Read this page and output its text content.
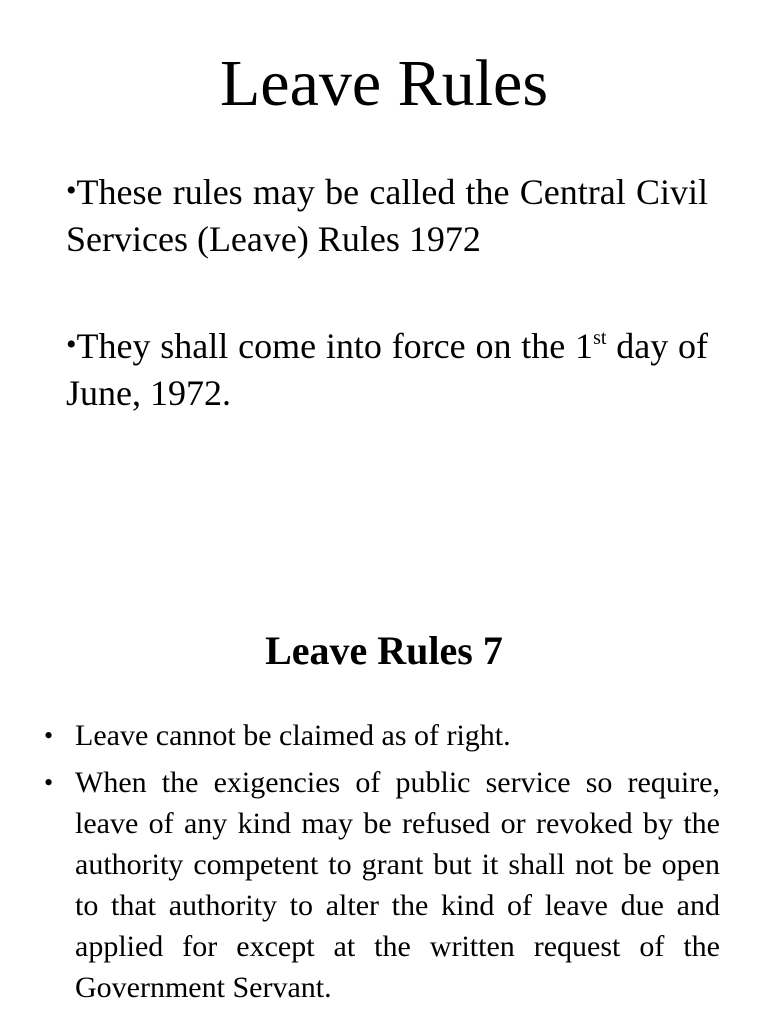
Leave Rules

•These rules may be called the Central Civil Services (Leave) Rules 1972

•They shall come into force on the 1st day of June, 1972.

Leave Rules 7
• Leave cannot be claimed as of right.
• When the exigencies of public service so require, leave of any kind may be refused or revoked by the authority competent to grant but it shall not be open to that authority to alter the kind of leave due and applied for except at the written request of the Government Servant.
